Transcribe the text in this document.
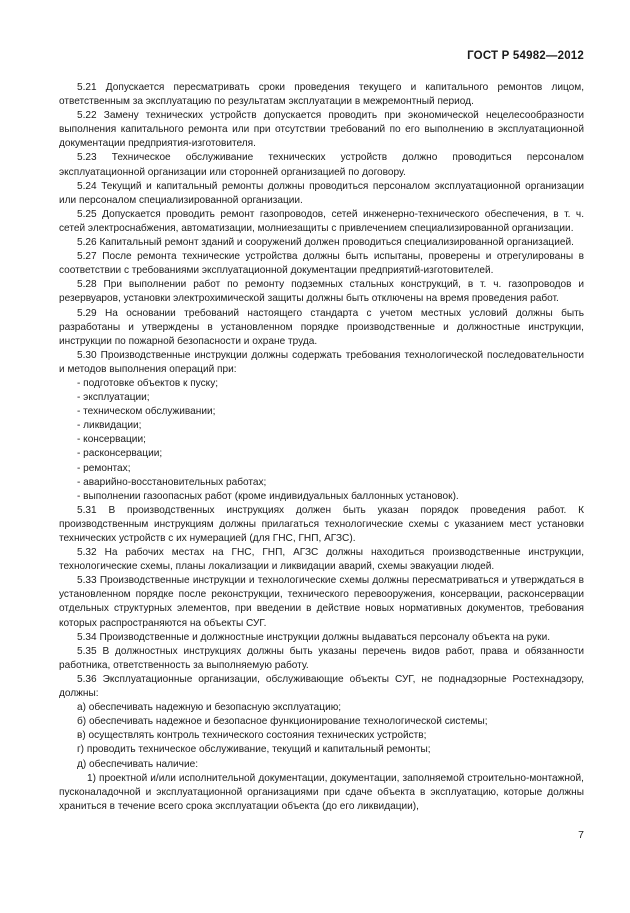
ГОСТ Р 54982—2012

5.21 Допускается пересматривать сроки проведения текущего и капитального ремонтов лицом, ответственным за эксплуатацию по результатам эксплуатации в межремонтный период.

5.22 Замену технических устройств допускается проводить при экономической нецелесообразности выполнения капитального ремонта или при отсутствии требований по его выполнению в эксплуатационной документации предприятия-изготовителя.

5.23 Техническое обслуживание технических устройств должно проводиться персоналом эксплуатационной организации или сторонней организацией по договору.

5.24 Текущий и капитальный ремонты должны проводиться персоналом эксплуатационной организации или персоналом специализированной организации.

5.25 Допускается проводить ремонт газопроводов, сетей инженерно-технического обеспечения, в т. ч. сетей электроснабжения, автоматизации, молниезащиты с привлечением специализированной организации.

5.26 Капитальный ремонт зданий и сооружений должен проводиться специализированной организацией.

5.27 После ремонта технические устройства должны быть испытаны, проверены и отрегулированы в соответствии с требованиями эксплуатационной документации предприятий-изготовителей.

5.28 При выполнении работ по ремонту подземных стальных конструкций, в т. ч. газопроводов и резервуаров, установки электрохимической защиты должны быть отключены на время проведения работ.

5.29 На основании требований настоящего стандарта с учетом местных условий должны быть разработаны и утверждены в установленном порядке производственные и должностные инструкции, инструкции по пожарной безопасности и охране труда.

5.30 Производственные инструкции должны содержать требования технологической последовательности и методов выполнения операций при:

- подготовке объектов к пуску;

- эксплуатации;

- техническом обслуживании;

- ликвидации;

- консервации;

- расконсервации;

- ремонтах;

- аварийно-восстановительных работах;

- выполнении газоопасных работ (кроме индивидуальных баллонных установок).

5.31 В производственных инструкциях должен быть указан порядок проведения работ. К производственным инструкциям должны прилагаться технологические схемы с указанием мест установки технических устройств с их нумерацией (для ГНС, ГНП, АГЗС).

5.32 На рабочих местах на ГНС, ГНП, АГЗС должны находиться производственные инструкции, технологические схемы, планы локализации и ликвидации аварий, схемы эвакуации людей.

5.33 Производственные инструкции и технологические схемы должны пересматриваться и утверждаться в установленном порядке после реконструкции, технического перевооружения, консервации, расконсервации отдельных структурных элементов, при введении в действие новых нормативных документов, требования которых распространяются на объекты СУГ.

5.34 Производственные и должностные инструкции должны выдаваться персоналу объекта на руки.

5.35 В должностных инструкциях должны быть указаны перечень видов работ, права и обязанности работника, ответственность за выполняемую работу.

5.36 Эксплуатационные организации, обслуживающие объекты СУГ, не поднадзорные Ростехнадзору, должны:

а) обеспечивать надежную и безопасную эксплуатацию;

б) обеспечивать надежное и безопасное функционирование технологической системы;

в) осуществлять контроль технического состояния технических устройств;

г) проводить техническое обслуживание, текущий и капитальный ремонты;

д) обеспечивать наличие:

1) проектной и/или исполнительной документации, документации, заполняемой строительно-монтажной, пусконаладочной и эксплуатационной организациями при сдаче объекта в эксплуатацию, которые должны храниться в течение всего срока эксплуатации объекта (до его ликвидации),

7
